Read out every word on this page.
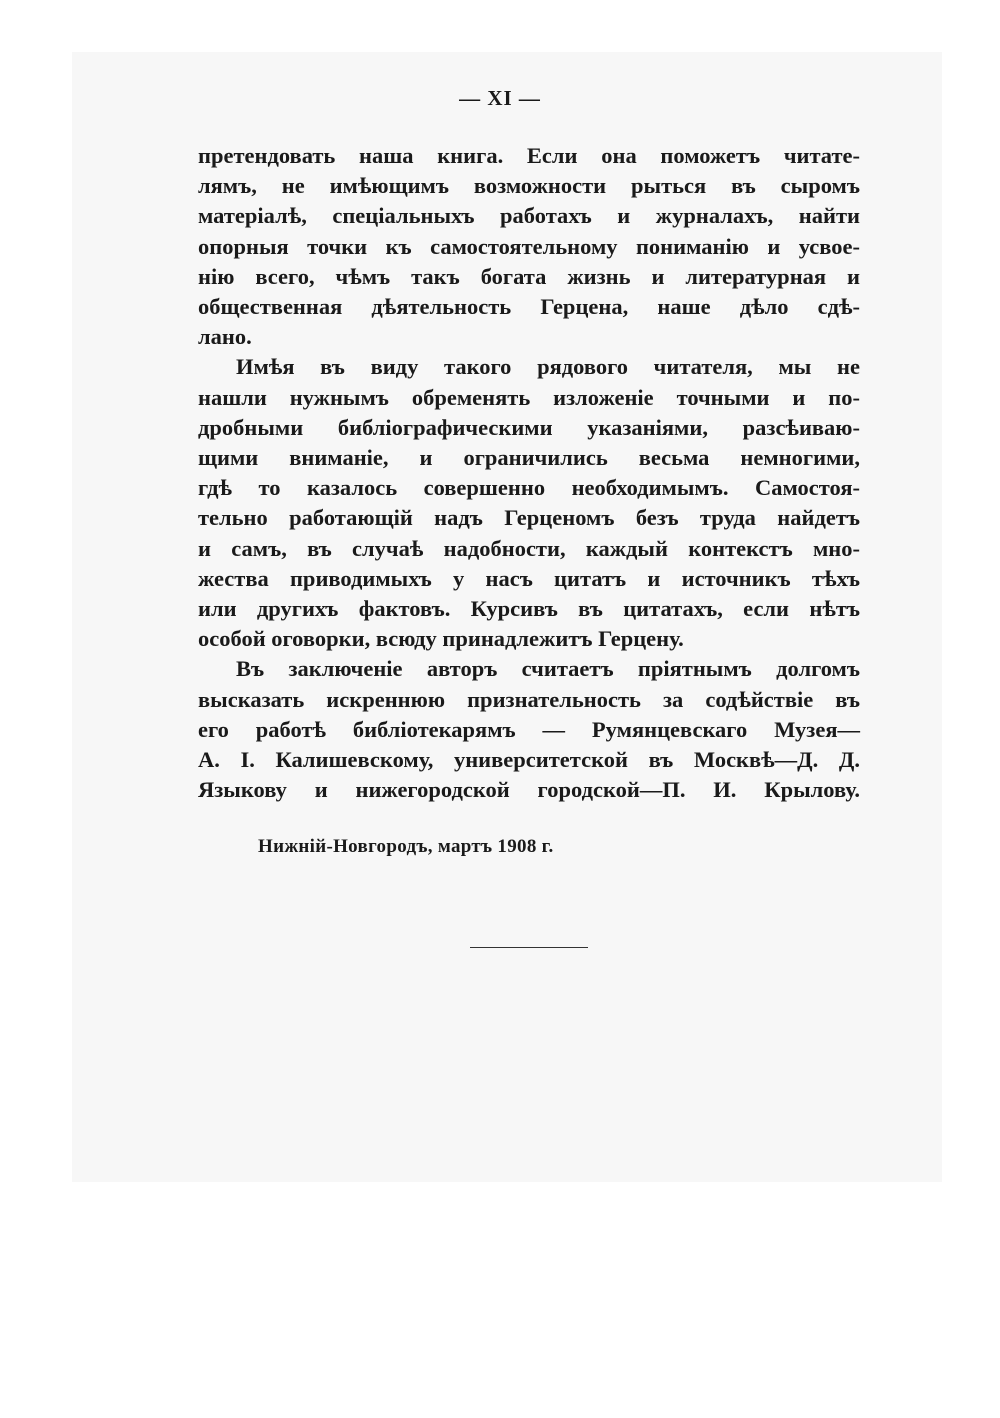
— XI —

претендовать наша книга. Если она поможетъ читате-
лямъ, не имѣющимъ возможности рыться въ сыромъ
матеріалѣ, спеціальныхъ работахъ и журналахъ, найти
опорныя точки къ самостоятельному пониманію и усвое-
нію всего, чѣмъ такъ богата жизнь и литературная и
общественная дѣятельность Герцена, наше дѣло сдѣ-
лано.

Имѣя въ виду такого рядового читателя, мы не
нашли нужнымъ обременять изложеніе точными и по-
дробными библіографическими указаніями, разсѣиваю-
щими вниманіе, и ограничились весьма немногими,
гдѣ то казалось совершенно необходимымъ. Самостоя-
тельно работающій надъ Герценомъ безъ труда найдетъ
и самъ, въ случаѣ надобности, каждый контекстъ мно-
жества приводимыхъ у насъ цитатъ и источникъ тѣхъ
или другихъ фактовъ. Курсивъ въ цитатахъ, если нѣтъ
особой оговорки, всюду принадлежитъ Герцену.

Въ заключеніе авторъ считаетъ пріятнымъ долгомъ
высказать искреннюю признательность за содѣйствіе въ
его работѣ библіотекарямъ — Румянцевскаго Музея—
А. І. Калишевскому, университетской въ Москвѣ—Д. Д.
Языкову и нижегородской городской—П. И. Крылову.

Нижній-Новгородъ, мартъ 1908 г.
